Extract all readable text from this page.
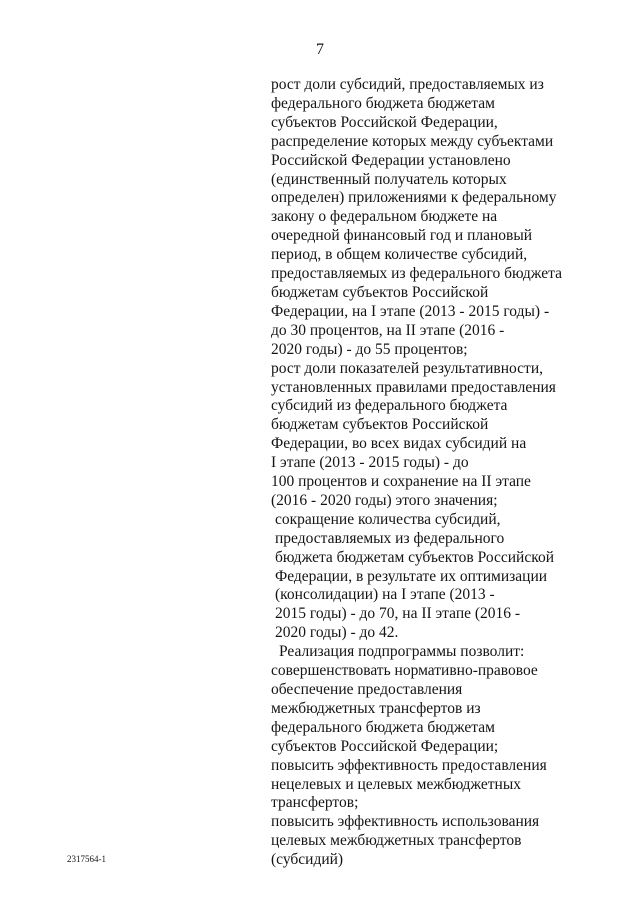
7
рост доли субсидий, предоставляемых из
федерального бюджета бюджетам
субъектов Российской Федерации,
распределение которых между субъектами
Российской Федерации установлено
(единственный получатель которых
определен) приложениями к федеральному
закону о федеральном бюджете на
очередной финансовый год и плановый
период, в общем количестве субсидий,
предоставляемых из федерального бюджета
бюджетам субъектов Российской
Федерации, на I этапе (2013 - 2015 годы) -
до 30 процентов, на II этапе (2016 -
2020 годы) - до 55 процентов;
рост доли показателей результативности,
установленных правилами предоставления
субсидий из федерального бюджета
бюджетам субъектов Российской
Федерации, во всех видах субсидий на
I этапе (2013 - 2015 годы) - до
100 процентов и сохранение на II этапе
(2016 - 2020 годы) этого значения;
сокращение количества субсидий,
предоставляемых из федерального
бюджета бюджетам субъектов Российской
Федерации, в результате их оптимизации
(консолидации) на I этапе (2013 -
2015 годы) - до 70, на II этапе (2016 -
2020 годы) - до 42.
Реализация подпрограммы позволит:
совершенствовать нормативно-правовое
обеспечение предоставления
межбюджетных трансфертов из
федерального бюджета бюджетам
субъектов Российской Федерации;
повысить эффективность предоставления
нецелевых и целевых межбюджетных
трансфертов;
повысить эффективность использования
целевых межбюджетных трансфертов
(субсидий)
2317564-1
